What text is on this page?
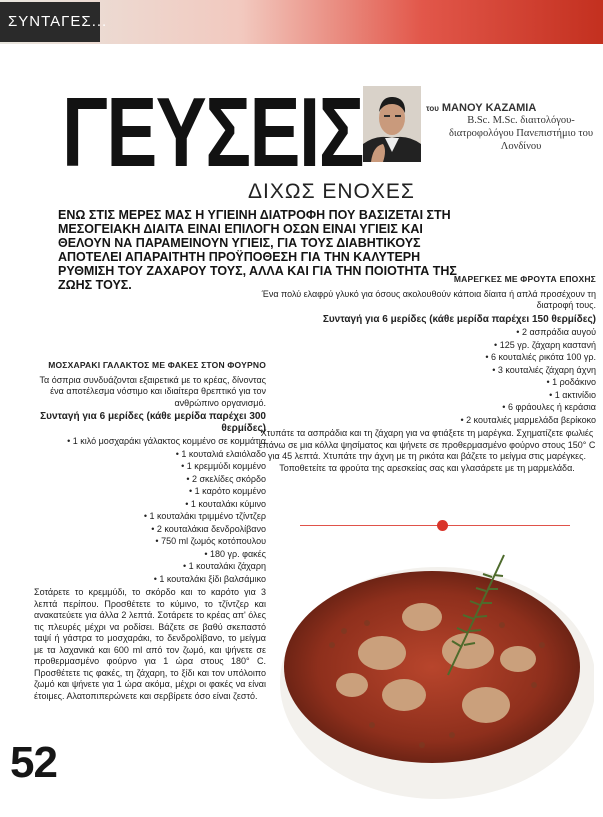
ΣΥΝΤΑΓΕΣ...
ΓΕΥΣΕΙΣ
ΔΙΧΩΣ ΕΝΟΧΕΣ
του ΜΑΝΟΥ ΚΑΖΑΜΙΑ
B.Sc. M.Sc. διαιτολόγου-διατροφολόγου Πανεπιστήμιο του Λονδίνου
ΕΝΩ ΣΤΙΣ ΜΕΡΕΣ ΜΑΣ Η ΥΓΙΕΙΝΗ ΔΙΑΤΡΟΦΗ ΠΟΥ ΒΑΣΙΖΕΤΑΙ ΣΤΗ ΜΕΣΟΓΕΙΑΚΗ ΔΙΑΙΤΑ ΕΙΝΑΙ ΕΠΙΛΟΓΗ ΟΣΩΝ ΕΙΝΑΙ ΥΓΙΕΙΣ ΚΑΙ ΘΕΛΟΥΝ ΝΑ ΠΑΡΑΜΕΙΝΟΥΝ ΥΓΙΕΙΣ, ΓΙΑ ΤΟΥΣ ΔΙΑΒΗΤΙΚΟΥΣ ΑΠΟΤΕΛΕΙ ΑΠΑΡΑΙΤΗΤΗ ΠΡΟΫΠΟΘΕΣΗ ΓΙΑ ΤΗΝ ΚΑΛΥΤΕΡΗ ΡΥΘΜΙΣΗ ΤΟΥ ΖΑΧΑΡΟΥ ΤΟΥΣ, ΑΛΛΑ ΚΑΙ ΓΙΑ ΤΗΝ ΠΟΙΟΤΗΤΑ ΤΗΣ ΖΩΗΣ ΤΟΥΣ.	ΜΑΡΕΓΚΕΣ ΜΕ ΦΡΟΥΤΑ ΕΠΟΧΗΣ
Ένα πολύ ελαφρύ γλυκό για όσους ακολουθούν κάποια δίαιτα ή απλά προσέχουν τη διατροφή τους.
Συνταγή για 6 μερίδες (κάθε μερίδα παρέχει 150 θερμίδες)
• 2 ασπράδια αυγού
• 125 γρ. ζάχαρη καστανή
• 6 κουταλιές ρικότα 100 γρ.
• 3 κουταλιές ζάχαρη άχνη
• 1 ροδάκινο
• 1 ακτινίδιο
• 6 φράουλες ή κεράσια
• 2 κουταλιές μαρμελάδα βερίκοκο
Χτυπάτε τα ασπράδια και τη ζάχαρη για να φτιάξετε τη μαρέγκα. Σχηματίζετε φωλιές επάνω σε μια κόλλα ψησίματος και ψήνετε σε προθερμασμένο φούρνο στους 150° C για 45 λεπτά. Χτυπάτε την άχνη με τη ρικότα και βάζετε το μείγμα στις μαρέγκες. Τοποθετείτε τα φρούτα της αρεσκείας σας και γλασάρετε με τη μαρμελάδα.
ΜΟΣΧΑΡΑΚΙ ΓΑΛΑΚΤΟΣ ΜΕ ΦΑΚΕΣ ΣΤΟΝ ΦΟΥΡΝΟ
Τα όσπρια συνδυάζονται εξαιρετικά με το κρέας, δίνοντας ένα αποτέλεσμα νόστιμο και ιδιαίτερα θρεπτικό για τον ανθρώπινο οργανισμό.
Συνταγή για 6 μερίδες (κάθε μερίδα παρέχει 300 θερμίδες)
• 1 κιλό μοσχαράκι γάλακτος κομμένο σε κομμάτια
• 1 κουταλιά ελαιόλαδο
• 1 κρεμμύδι κομμένο
• 2 σκελίδες σκόρδο
• 1 καρότο κομμένο
• 1 κουταλάκι κύμινο
• 1 κουταλάκι τριμμένο τζίντζερ
• 2 κουταλάκια δενδρολίβανο
• 750 ml ζωμός κοτόπουλου
• 180 γρ. φακές
• 1 κουταλάκι ζάχαρη
• 1 κουταλάκι ξίδι βαλσάμικο
Σοτάρετε το κρεμμύδι, το σκόρδο και το καρότο για 3 λεπτά περίπου. Προσθέτετε το κύμινο, το τζίντζερ και ανακατεύετε για άλλα 2 λεπτά. Σοτάρετε το κρέας απ' όλες τις πλευρές μέχρι να ροδίσει. Βάζετε σε βαθύ σκεπαστό ταψί ή γάστρα το μοσχαράκι, το δενδρολίβανο, το μείγμα με τα λαχανικά και 600 ml από τον ζωμό, και ψήνετε σε προθερμασμένο φούρνο για 1 ώρα στους 180° C. Προσθέτετε τις φακές, τη ζάχαρη, το ξίδι και τον υπόλοιπο ζωμό και ψήνετε για 1 ώρα ακόμα, μέχρι οι φακές να είναι έτοιμες. Αλατοπιπερώνετε και σερβίρετε όσο είναι ζεστό.
52
